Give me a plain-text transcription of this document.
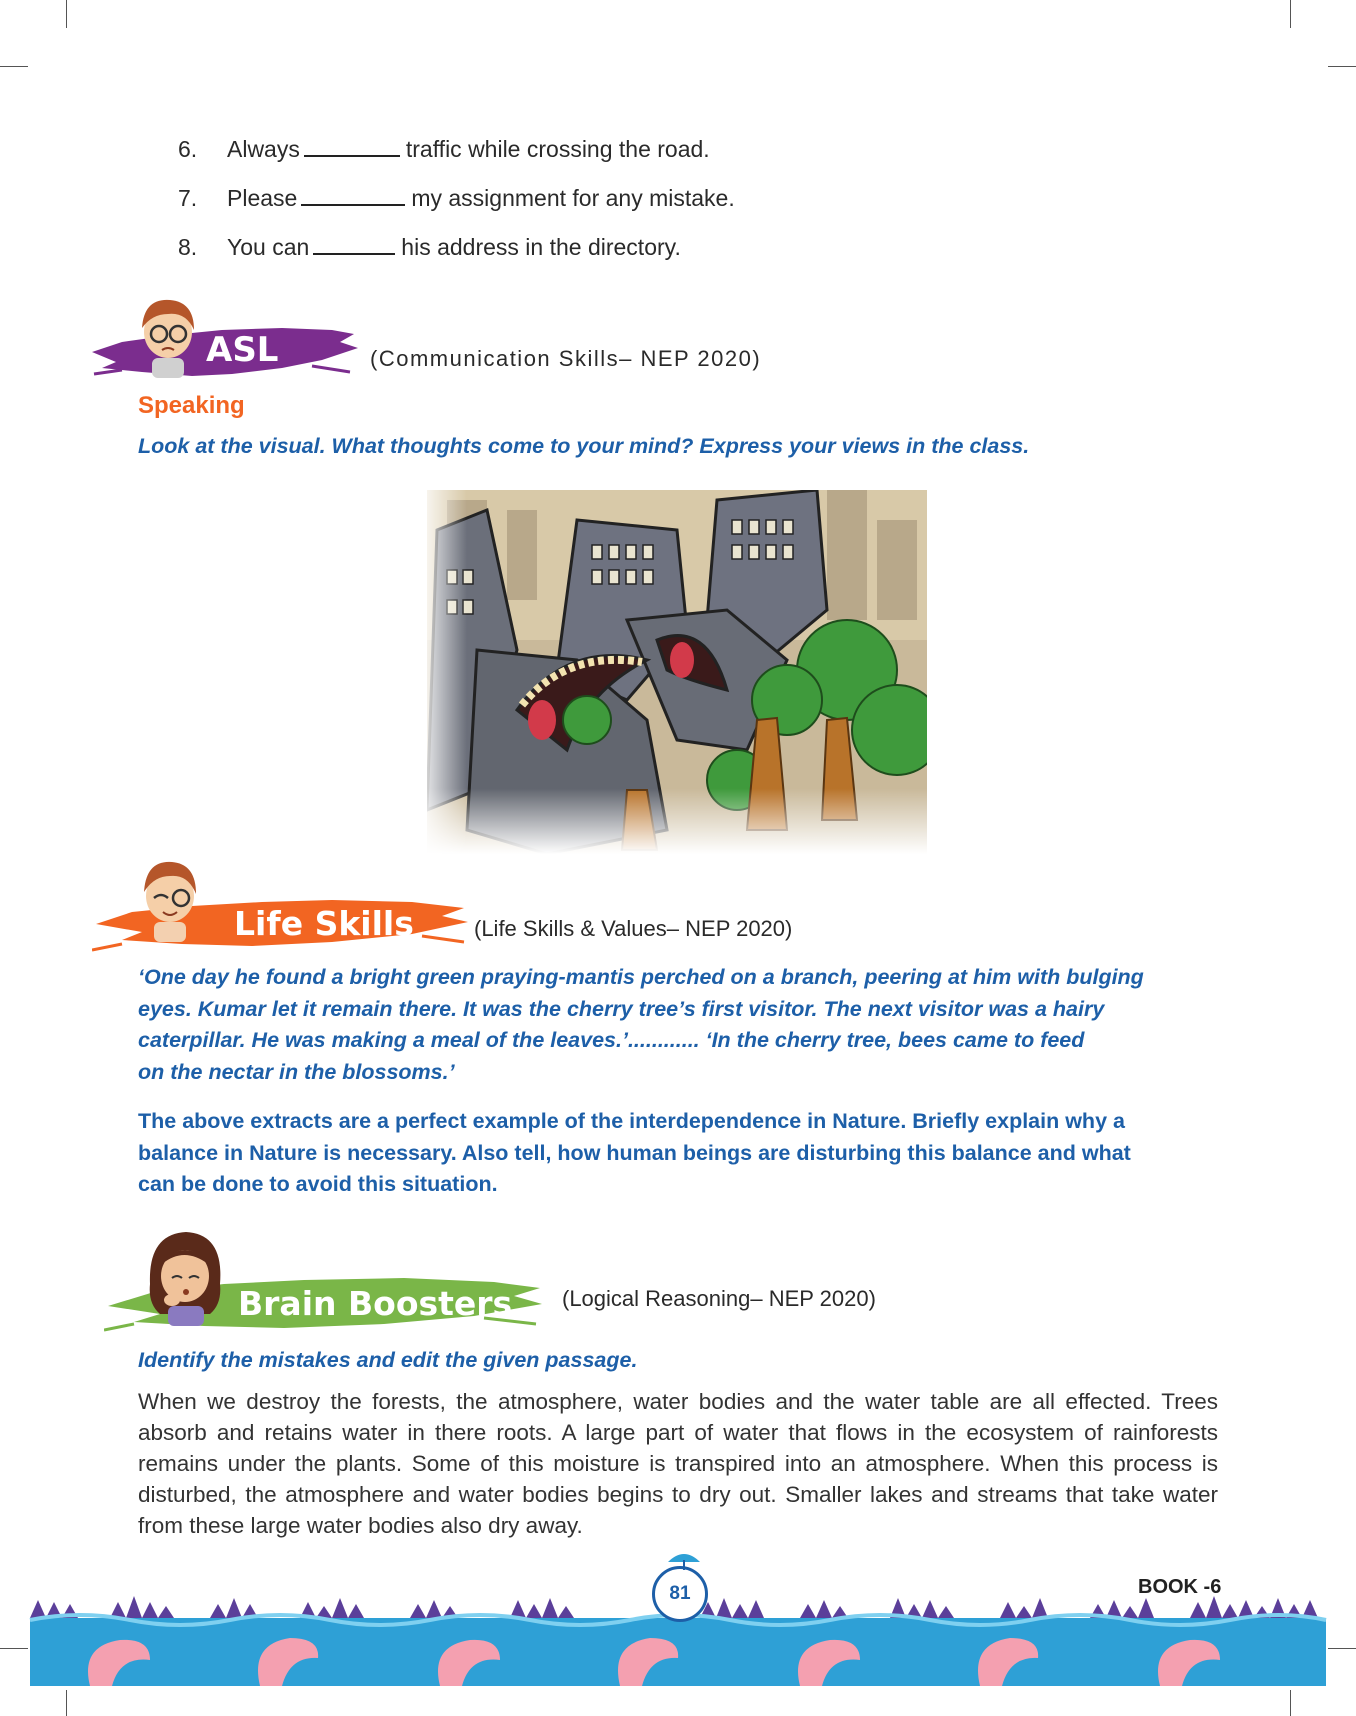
6. Always	traffic while crossing the road.
7. Please	my assignment for any mistake.
8. You can	his address in the directory.
ASL	(Communication Skills– NEP 2020)
Speaking
Look at the visual. What thoughts come to your mind? Express your views in the class.
Life Skills	(Life Skills & Values– NEP 2020)
‘One day he found a bright green praying-mantis perched on a branch, peering at him with bulging
eyes. Kumar let it remain there. It was the cherry tree’s first visitor. The next visitor was a hairy
caterpillar. He was making a meal of the leaves.’............ ‘In the cherry tree, bees came to feed
on the nectar in the blossoms.’
The above extracts are a perfect example of the interdependence in Nature. Briefly explain why a
balance in Nature is necessary. Also tell, how human beings are disturbing this balance and what
can be done to avoid this situation.
Brain Boosters (Logical Reasoning– NEP 2020)
Identify the mistakes and edit the given passage.

When we destroy the forests, the atmosphere, water bodies and the water table are all effected. Trees absorb and retains water in there roots. A large part of water that flows in the ecosystem of rainforests remains under the plants. Some of this moisture is transpired into an atmosphere. When this process is disturbed, the atmosphere and water bodies begins to dry out. Smaller lakes and streams that take water from these large water bodies also dry away.

81	BOOK -6
